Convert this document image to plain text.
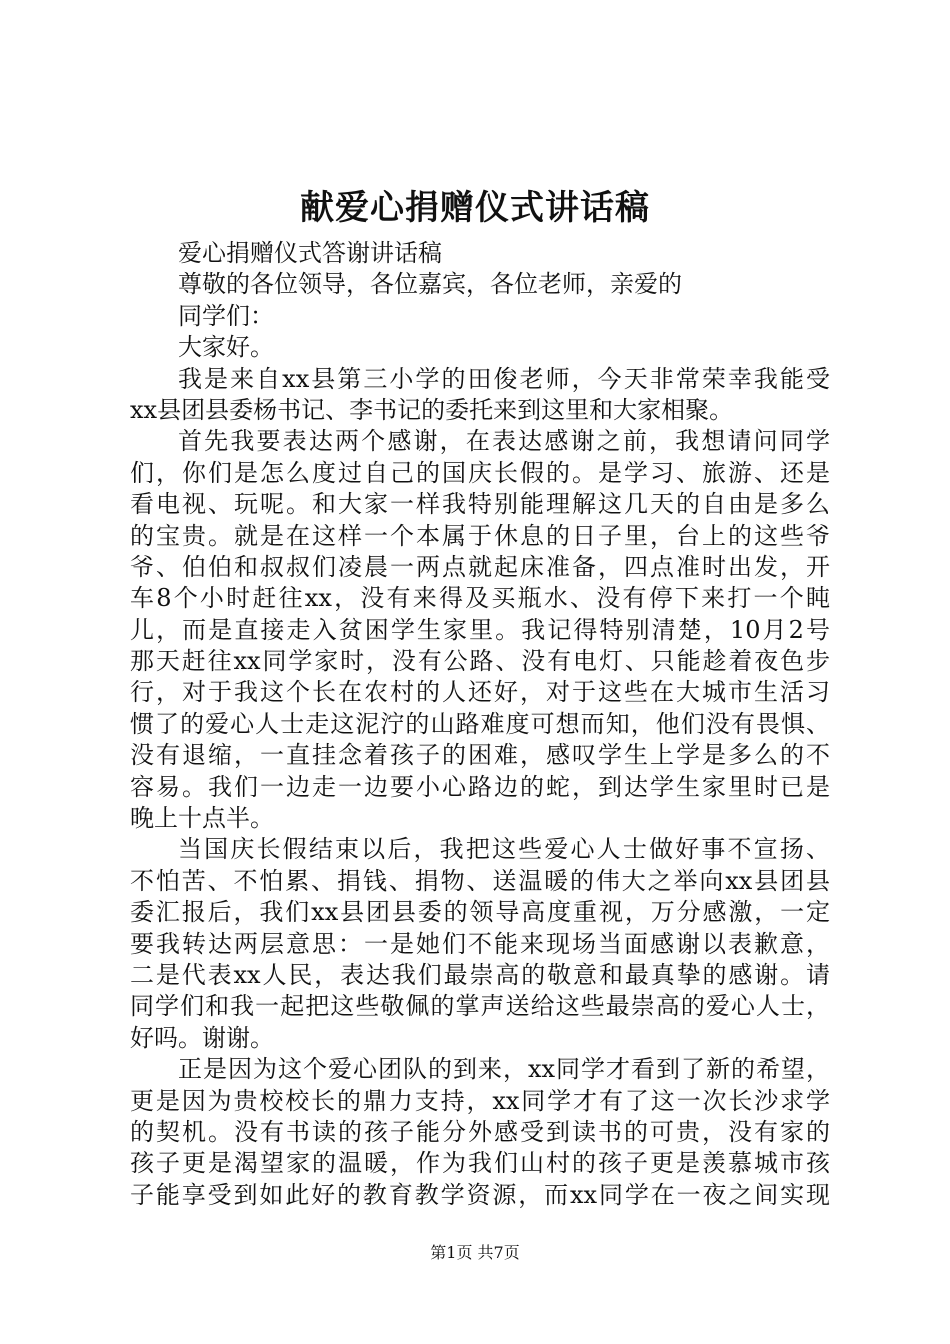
献爱心捐赠仪式讲话稿
爱心捐赠仪式答谢讲话稿
尊敬的各位领导，各位嘉宾，各位老师，亲爱的
同学们：
大家好。
我是来自xx县第三小学的田俊老师，今天非常荣幸我能受
xx县团县委杨书记、李书记的委托来到这里和大家相聚。
首先我要表达两个感谢，在表达感谢之前，我想请问同学
们，你们是怎么度过自己的国庆长假的。是学习、旅游、还是
看电视、玩呢。和大家一样我特别能理解这几天的自由是多么
的宝贵。就是在这样一个本属于休息的日子里，台上的这些爷
爷、伯伯和叔叔们凌晨一两点就起床准备，四点准时出发，开
车8个小时赶往xx，没有来得及买瓶水、没有停下来打一个盹
儿，而是直接走入贫困学生家里。我记得特别清楚，10月2号
那天赶往xx同学家时，没有公路、没有电灯、只能趁着夜色步
行，对于我这个长在农村的人还好，对于这些在大城市生活习
惯了的爱心人士走这泥泞的山路难度可想而知，他们没有畏惧、
没有退缩，一直挂念着孩子的困难，感叹学生上学是多么的不
容易。我们一边走一边要小心路边的蛇，到达学生家里时已是
晚上十点半。
当国庆长假结束以后，我把这些爱心人士做好事不宣扬、
不怕苦、不怕累、捐钱、捐物、送温暖的伟大之举向xx县团县
委汇报后，我们xx县团县委的领导高度重视，万分感激，一定
要我转达两层意思：一是她们不能来现场当面感谢以表歉意，
二是代表xx人民，表达我们最崇高的敬意和最真挚的感谢。请
同学们和我一起把这些敬佩的掌声送给这些最崇高的爱心人士，
好吗。谢谢。
正是因为这个爱心团队的到来，xx同学才看到了新的希望，
更是因为贵校校长的鼎力支持，xx同学才有了这一次长沙求学
的契机。没有书读的孩子能分外感受到读书的可贵，没有家的
孩子更是渴望家的温暖，作为我们山村的孩子更是羡慕城市孩
子能享受到如此好的教育教学资源，而xx同学在一夜之间实现
第1页 共7页
